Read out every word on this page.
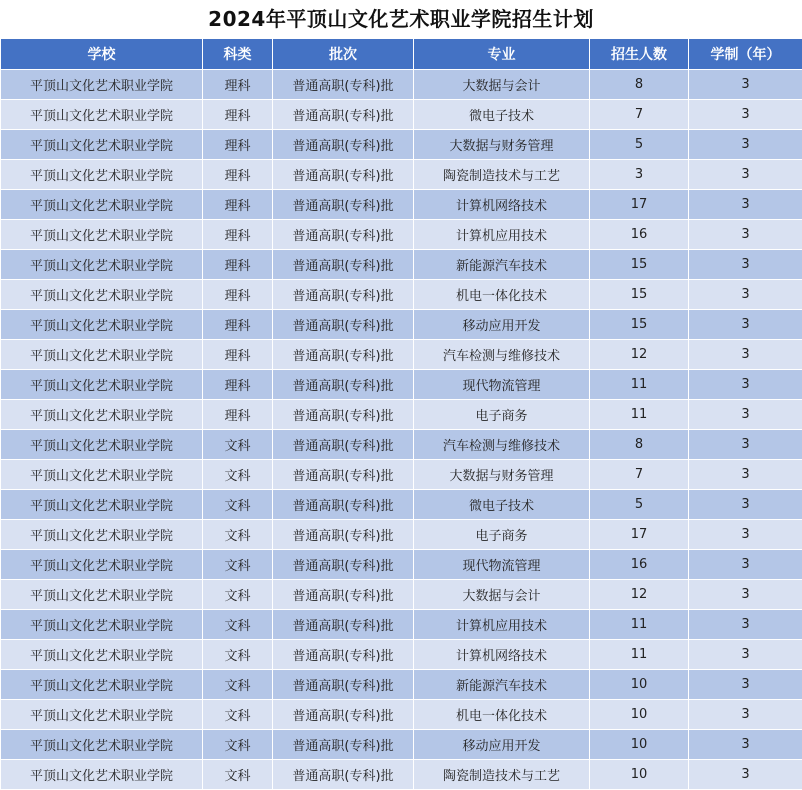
2024年平顶山文化艺术职业学院招生计划
学校	科类	批次	专业	招生人数	学制（年）
平顶山文化艺术职业学院	理科	普通高职(专科)批	大数据与会计	8	3
平顶山文化艺术职业学院	理科	普通高职(专科)批	微电子技术	7	3
平顶山文化艺术职业学院	理科	普通高职(专科)批	大数据与财务管理	5	3
平顶山文化艺术职业学院	理科	普通高职(专科)批	陶瓷制造技术与工艺	3	3
平顶山文化艺术职业学院	理科	普通高职(专科)批	计算机网络技术	17	3
平顶山文化艺术职业学院	理科	普通高职(专科)批	计算机应用技术	16	3
平顶山文化艺术职业学院	理科	普通高职(专科)批	新能源汽车技术	15	3
平顶山文化艺术职业学院	理科	普通高职(专科)批	机电一体化技术	15	3
平顶山文化艺术职业学院	理科	普通高职(专科)批	移动应用开发	15	3
平顶山文化艺术职业学院	理科	普通高职(专科)批	汽车检测与维修技术	12	3
平顶山文化艺术职业学院	理科	普通高职(专科)批	现代物流管理	11	3
平顶山文化艺术职业学院	理科	普通高职(专科)批	电子商务	11	3
平顶山文化艺术职业学院	文科	普通高职(专科)批	汽车检测与维修技术	8	3
平顶山文化艺术职业学院	文科	普通高职(专科)批	大数据与财务管理	7	3
平顶山文化艺术职业学院	文科	普通高职(专科)批	微电子技术	5	3
平顶山文化艺术职业学院	文科	普通高职(专科)批	电子商务	17	3
平顶山文化艺术职业学院	文科	普通高职(专科)批	现代物流管理	16	3
平顶山文化艺术职业学院	文科	普通高职(专科)批	大数据与会计	12	3
平顶山文化艺术职业学院	文科	普通高职(专科)批	计算机应用技术	11	3
平顶山文化艺术职业学院	文科	普通高职(专科)批	计算机网络技术	11	3
平顶山文化艺术职业学院	文科	普通高职(专科)批	新能源汽车技术	10	3
平顶山文化艺术职业学院	文科	普通高职(专科)批	机电一体化技术	10	3
平顶山文化艺术职业学院	文科	普通高职(专科)批	移动应用开发	10	3
平顶山文化艺术职业学院	文科	普通高职(专科)批	陶瓷制造技术与工艺	10	3
